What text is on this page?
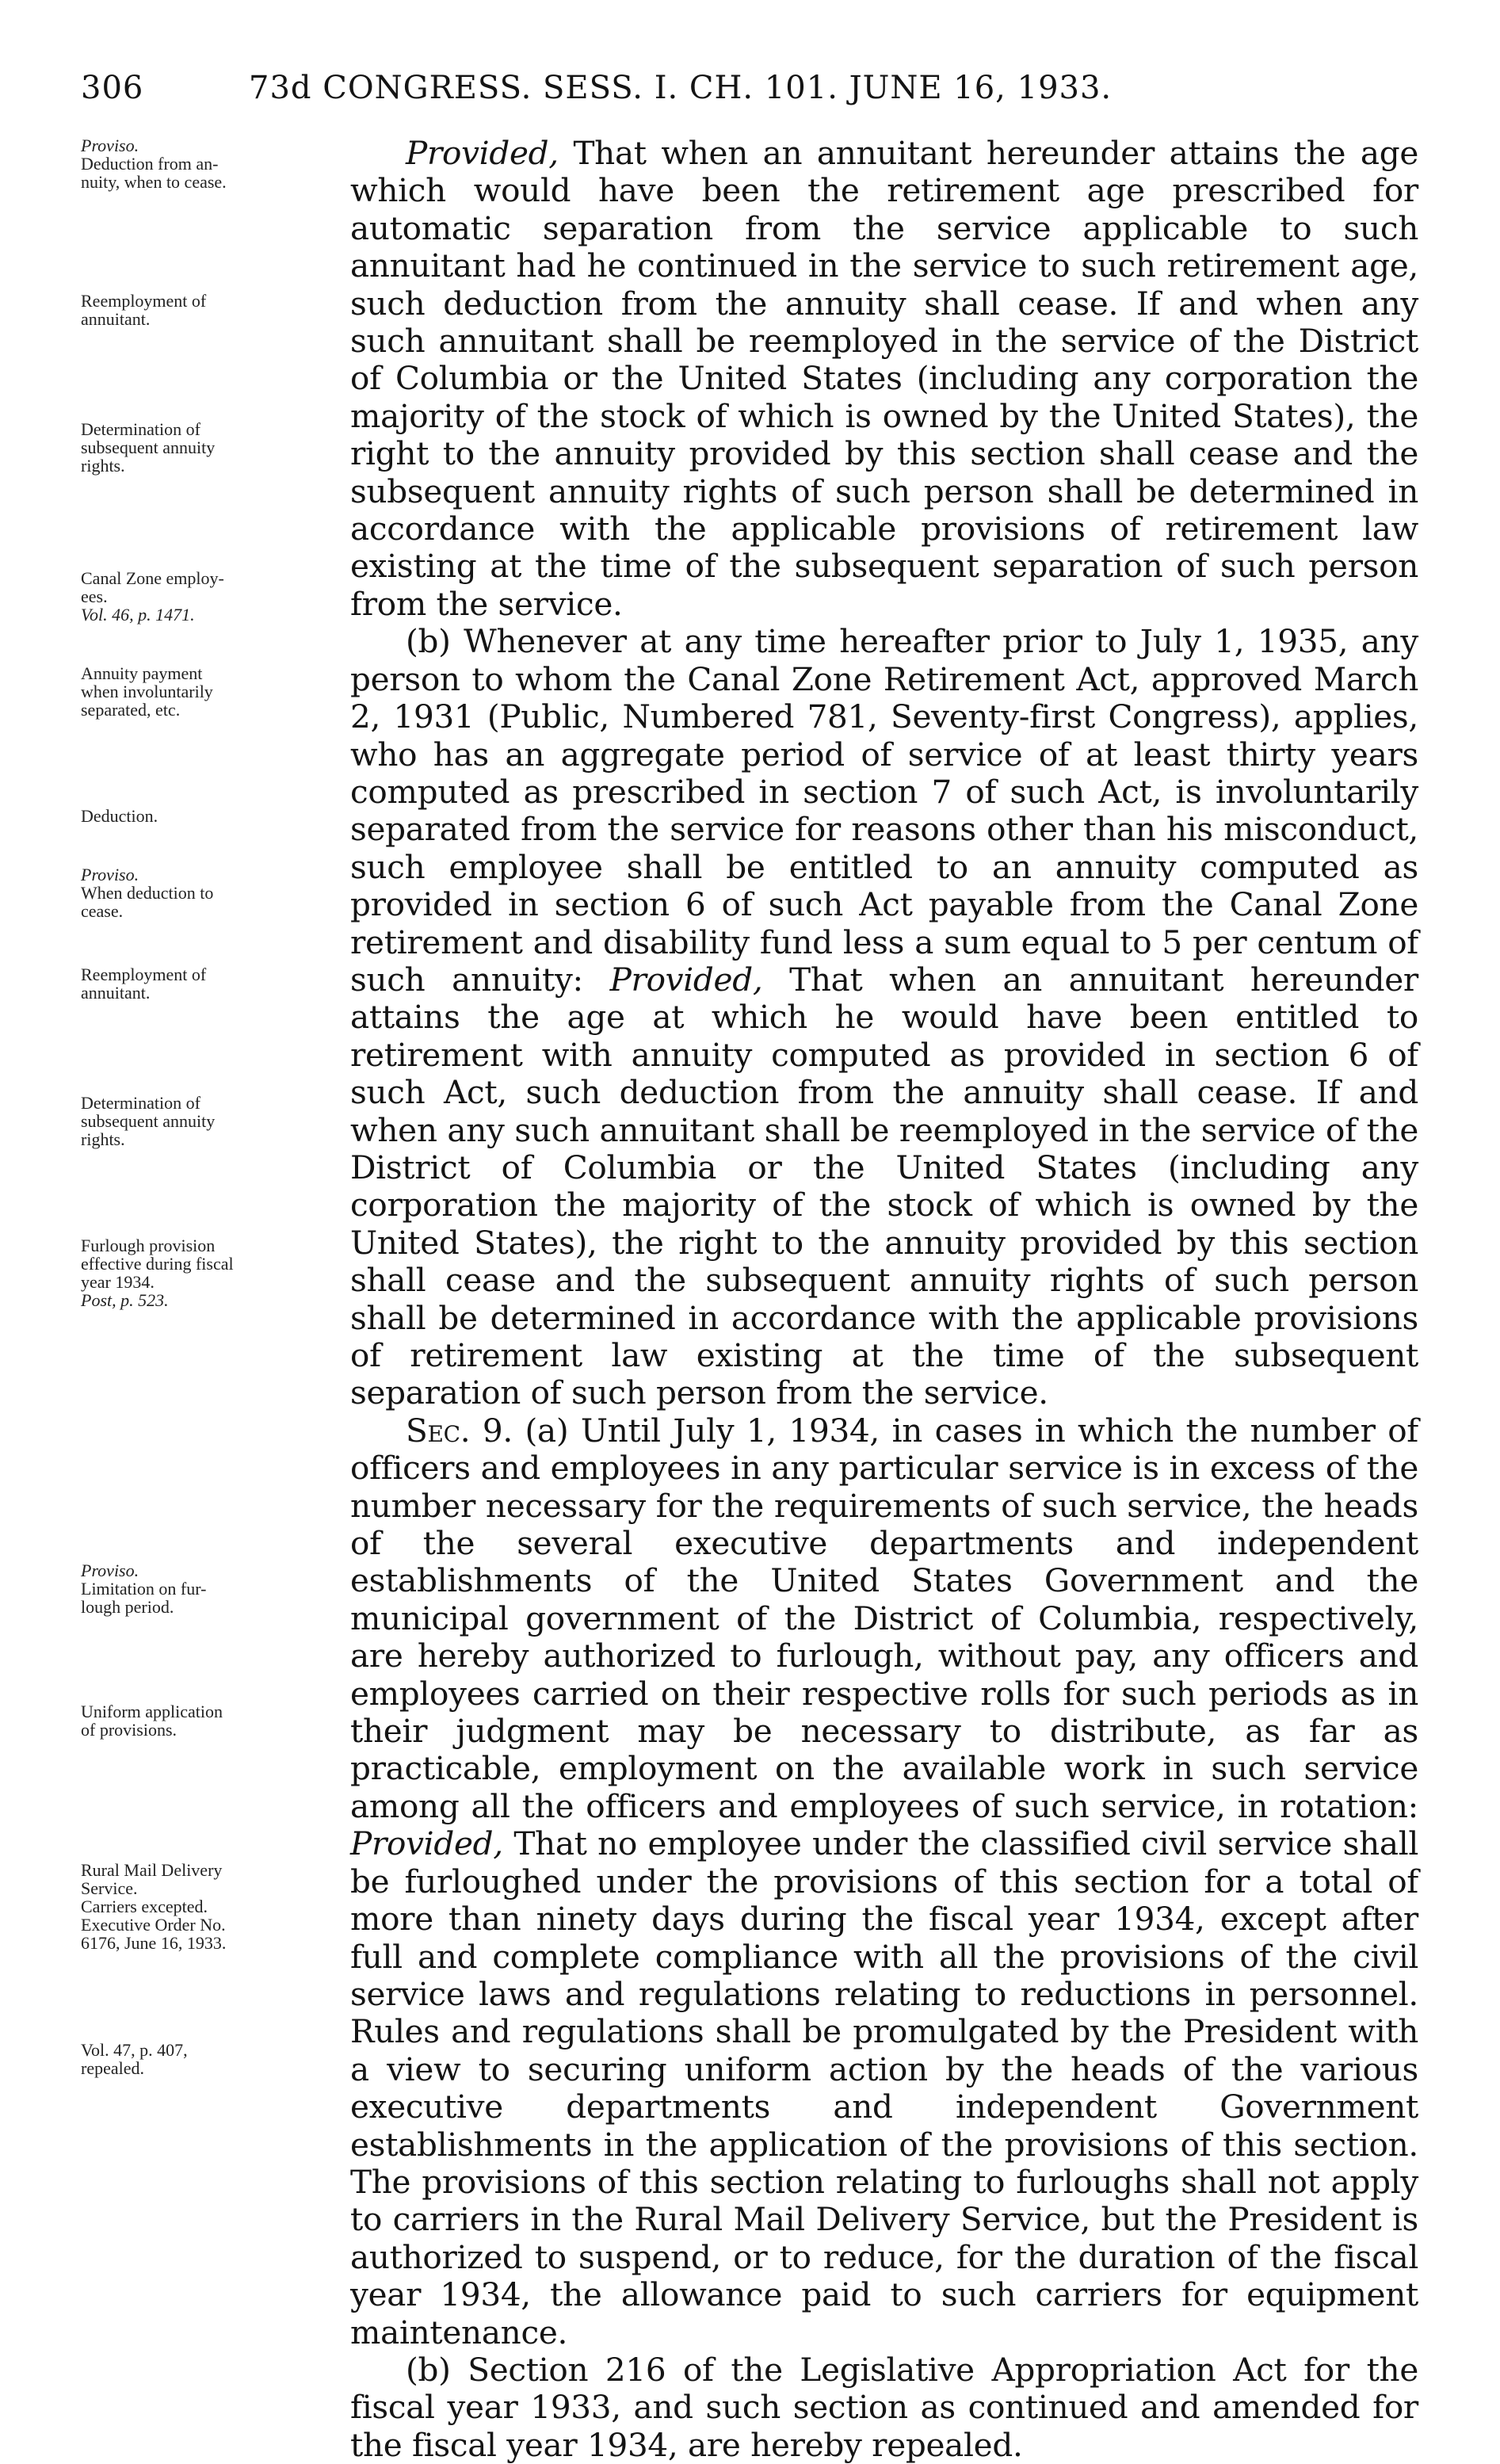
306	73d CONGRESS. SESS. I. CH. 101. JUNE 16, 1933.
Proviso.
Deduction from an-
nuity, when to cease.
Reemployment of
annuitant.
Determination of
subsequent annuity
rights.
Canal Zone employ-
ees.
Vol. 46, p. 1471.
Annuity payment
when involuntarily
separated, etc.
Deduction.
Proviso.
When deduction to
cease.
Reemployment of
annuitant.
Determination of
subsequent annuity
rights.
Furlough provision
effective during fiscal
year 1934.
Post, p. 523.
Proviso.
Limitation on fur-
lough period.
Uniform application
of provisions.
Rural Mail Delivery
Service.
Carriers excepted.
Executive Order No.
6176, June 16, 1933.
Vol. 47, p. 407,
repealed.

Provided, That when an annuitant hereunder attains the age which would have been the retirement age prescribed for automatic separation from the service applicable to such annuitant had he continued in the service to such retirement age, such deduction from the annuity shall cease. If and when any such annuitant shall be reemployed in the service of the District of Columbia or the United States (including any corporation the majority of the stock of which is owned by the United States), the right to the annuity provided by this section shall cease and the subsequent annuity rights of such person shall be determined in accordance with the applicable provisions of retirement law existing at the time of the subsequent separation of such person from the service.

(b) Whenever at any time hereafter prior to July 1, 1935, any person to whom the Canal Zone Retirement Act, approved March 2, 1931 (Public, Numbered 781, Seventy-first Congress), applies, who has an aggregate period of service of at least thirty years computed as prescribed in section 7 of such Act, is involuntarily separated from the service for reasons other than his misconduct, such employee shall be entitled to an annuity computed as provided in section 6 of such Act payable from the Canal Zone retirement and disability fund less a sum equal to 5 per centum of such annuity: Provided, That when an annuitant hereunder attains the age at which he would have been entitled to retirement with annuity computed as provided in section 6 of such Act, such deduction from the annuity shall cease. If and when any such annuitant shall be reemployed in the service of the District of Columbia or the United States (including any corporation the majority of the stock of which is owned by the United States), the right to the annuity provided by this section shall cease and the subsequent annuity rights of such person shall be determined in accordance with the applicable provisions of retirement law existing at the time of the subsequent separation of such person from the service.

Sec. 9. (a) Until July 1, 1934, in cases in which the number of officers and employees in any particular service is in excess of the number necessary for the requirements of such service, the heads of the several executive departments and independent establishments of the United States Government and the municipal government of the District of Columbia, respectively, are hereby authorized to furlough, without pay, any officers and employees carried on their respective rolls for such periods as in their judgment may be necessary to distribute, as far as practicable, employment on the available work in such service among all the officers and employees of such service, in rotation: Provided, That no employee under the classified civil service shall be furloughed under the provisions of this section for a total of more than ninety days during the fiscal year 1934, except after full and complete compliance with all the provisions of the civil service laws and regulations relating to reductions in personnel. Rules and regulations shall be promulgated by the President with a view to securing uniform action by the heads of the various executive departments and independent Government establishments in the application of the provisions of this section. The provisions of this section relating to furloughs shall not apply to carriers in the Rural Mail Delivery Service, but the President is authorized to suspend, or to reduce, for the duration of the fiscal year 1934, the allowance paid to such carriers for equipment maintenance.

(b) Section 216 of the Legislative Appropriation Act for the fiscal year 1933, and such section as continued and amended for the fiscal year 1934, are hereby repealed.
